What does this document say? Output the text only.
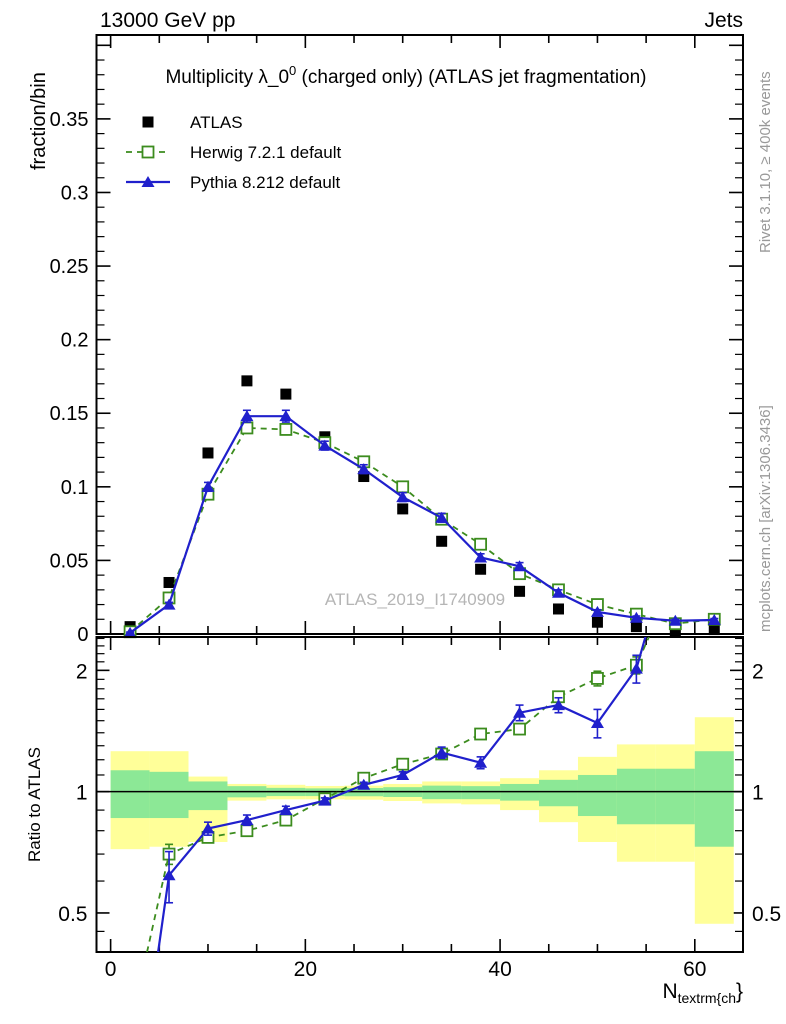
13000 GeV pp	Jets
Multiplicity $\lambda\_0^0$ (charged only) (ATLAS jet fragmentation)
ATLAS_2019_I1740909
0
0.05
0.1
0.15
0.2
0.25
0.3
0.35	ATLAS
Herwig 7.2.1 default
Pythia 8.212 default
0.5	0.5
1	1
2	2
0	20	40	60
fraction/bin
Ratio to ATLAS
Rivet 3.1.10, ≥ 400k events
mcplots.cern.ch [arXiv:1306.3436]
Ntextrm{ch}
